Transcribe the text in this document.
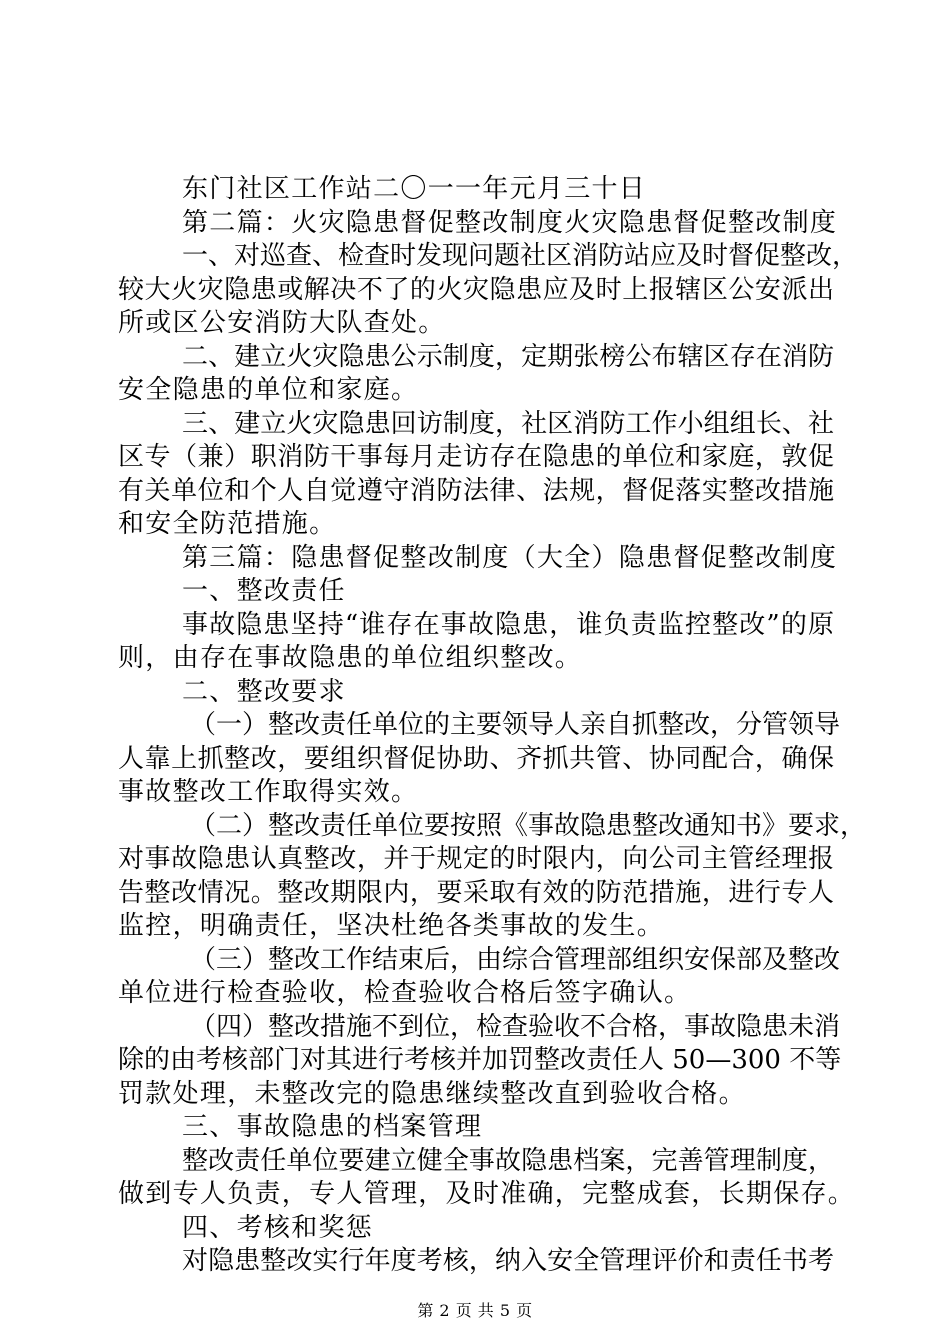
东门社区工作站二〇一一年元月三十日
第二篇：火灾隐患督促整改制度火灾隐患督促整改制度
一、对巡查、检查时发现问题社区消防站应及时督促整改，
较大火灾隐患或解决不了的火灾隐患应及时上报辖区公安派出
所或区公安消防大队查处。
二、建立火灾隐患公示制度，定期张榜公布辖区存在消防
安全隐患的单位和家庭。
三、建立火灾隐患回访制度，社区消防工作小组组长、社
区专（兼）职消防干事每月走访存在隐患的单位和家庭，敦促
有关单位和个人自觉遵守消防法律、法规，督促落实整改措施
和安全防范措施。
第三篇：隐患督促整改制度（大全）隐患督促整改制度
一、整改责任
事故隐患坚持“谁存在事故隐患，谁负责监控整改”的原
则，由存在事故隐患的单位组织整改。
二、整改要求
（一）整改责任单位的主要领导人亲自抓整改，分管领导
人靠上抓整改，要组织督促协助、齐抓共管、协同配合，确保
事故整改工作取得实效。
（二）整改责任单位要按照《事故隐患整改通知书》要求，
对事故隐患认真整改，并于规定的时限内，向公司主管经理报
告整改情况。整改期限内，要采取有效的防范措施，进行专人
监控，明确责任，坚决杜绝各类事故的发生。
（三）整改工作结束后，由综合管理部组织安保部及整改
单位进行检查验收，检查验收合格后签字确认。
（四）整改措施不到位，检查验收不合格，事故隐患未消
除的由考核部门对其进行考核并加罚整改责任人 50—300 不等
罚款处理，未整改完的隐患继续整改直到验收合格。
三、事故隐患的档案管理
整改责任单位要建立健全事故隐患档案，完善管理制度，
做到专人负责，专人管理，及时准确，完整成套，长期保存。
四、考核和奖惩
对隐患整改实行年度考核，纳入安全管理评价和责任书考
第 2 页 共 5 页
